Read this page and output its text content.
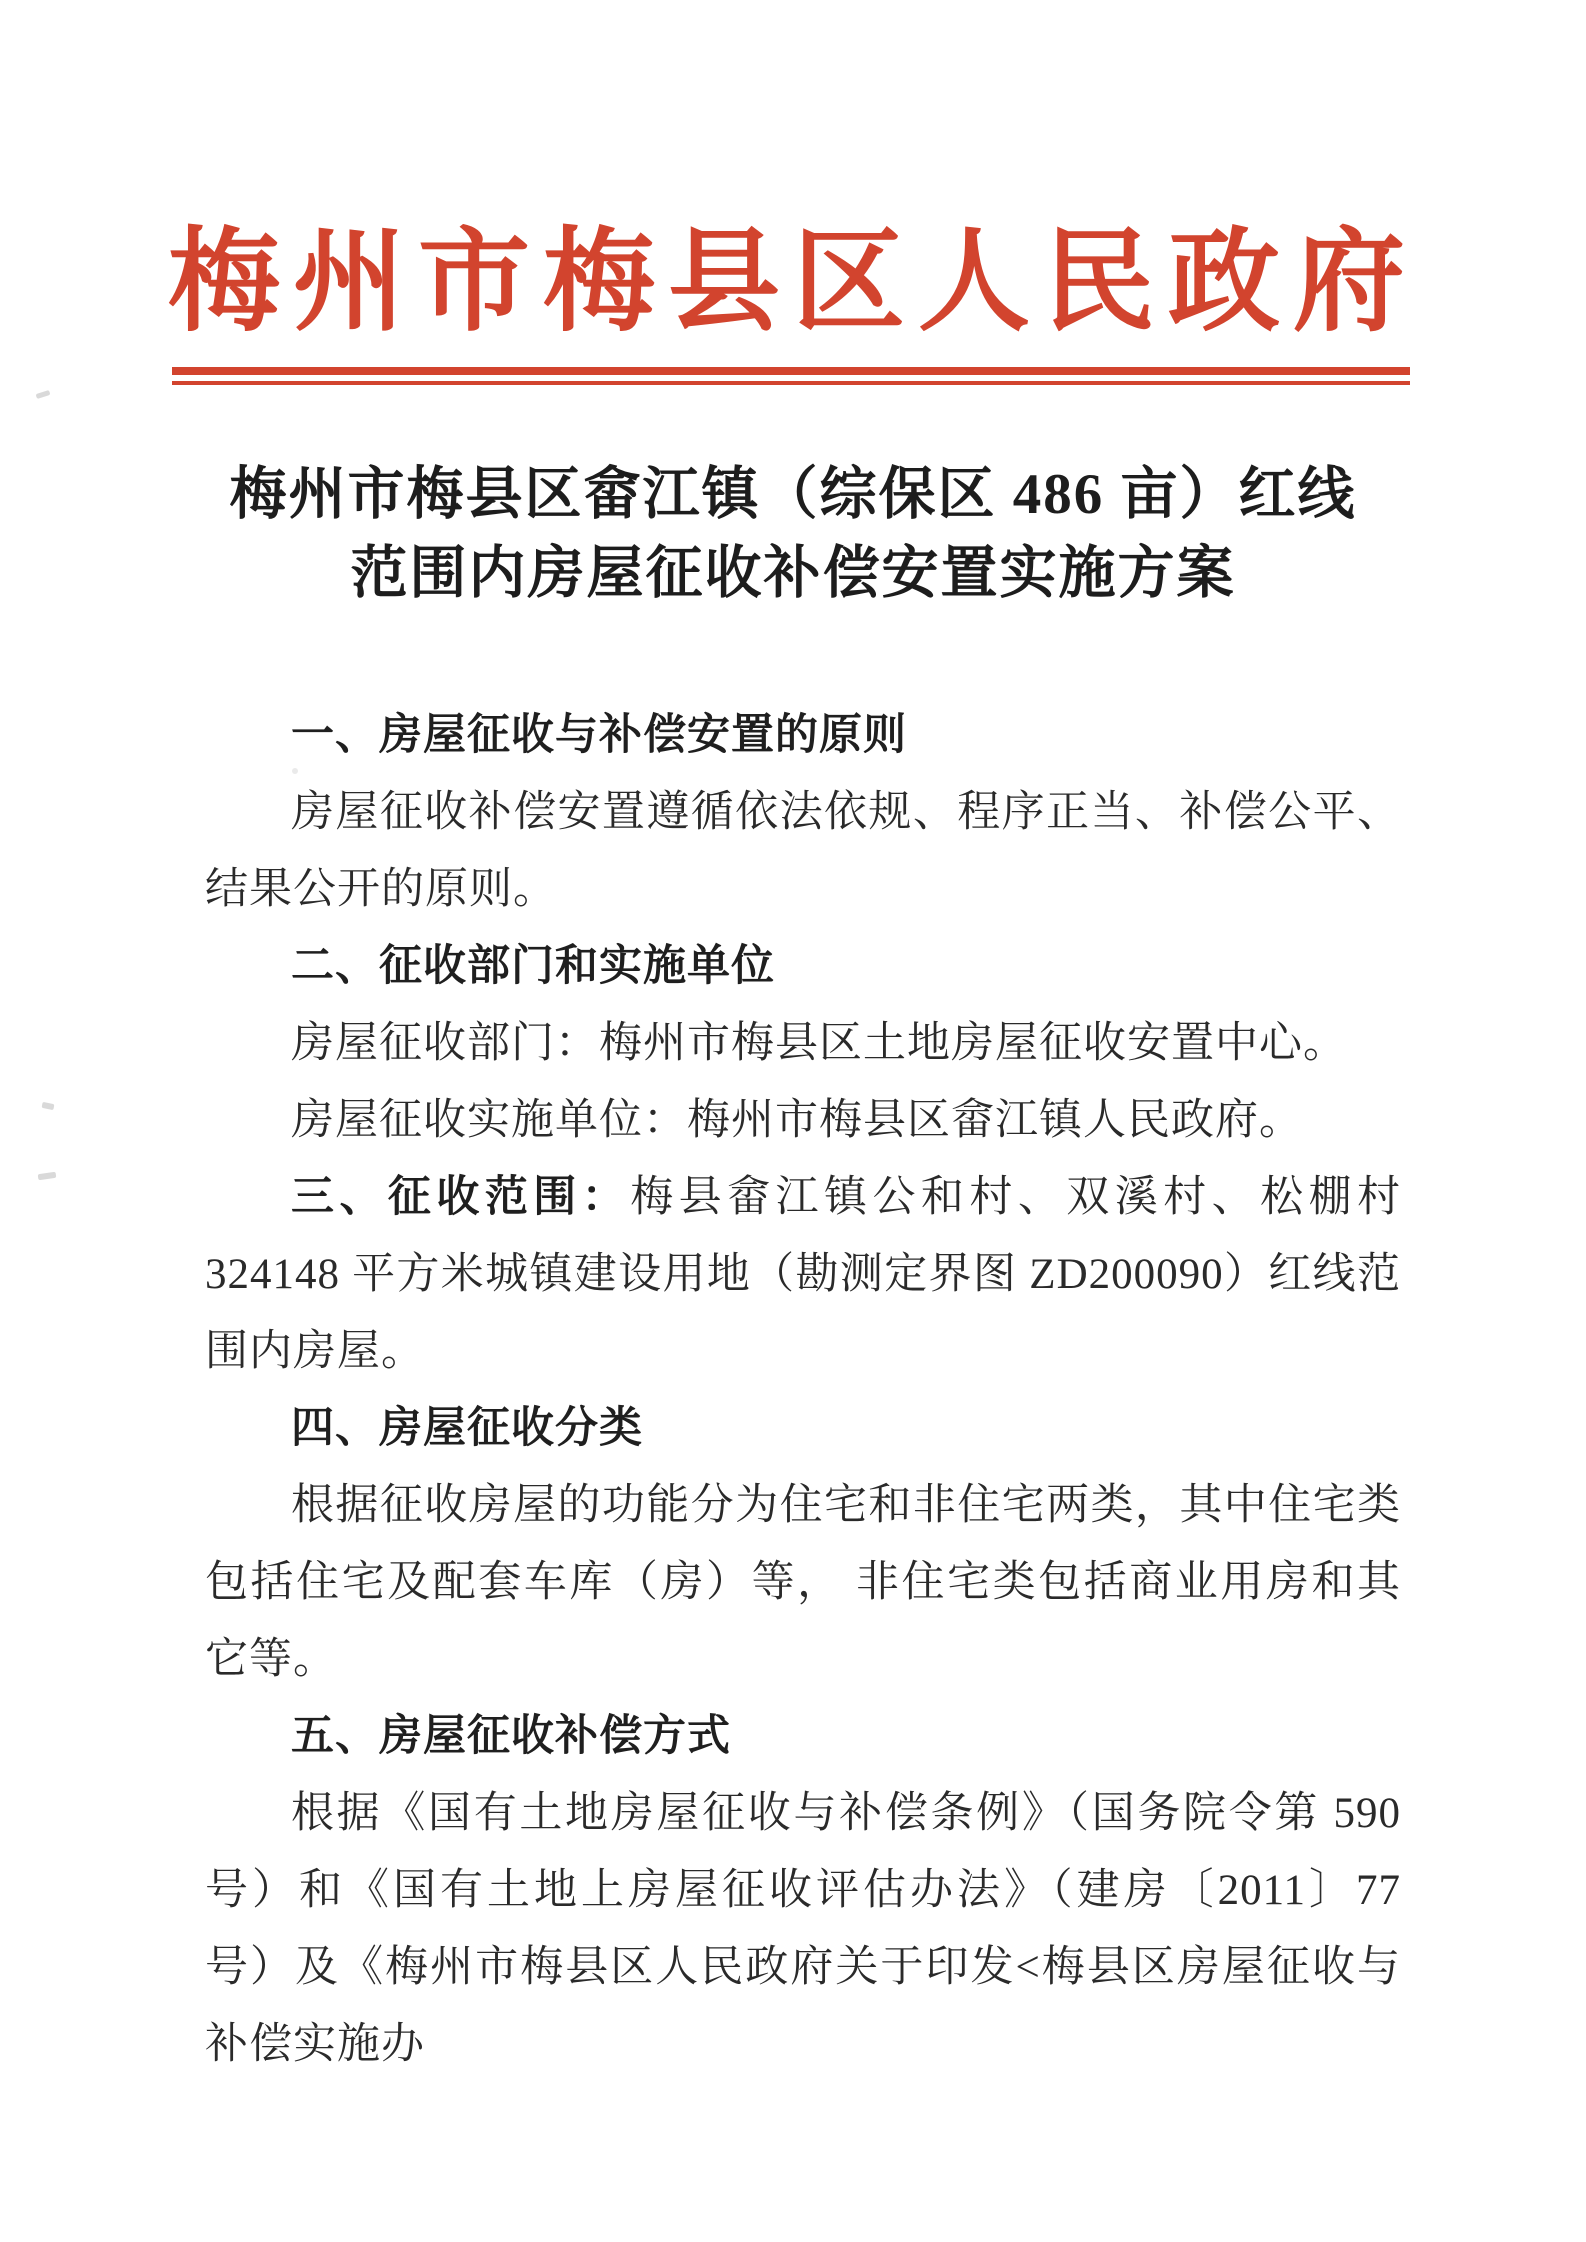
梅州市梅县区人民政府
梅州市梅县区畲江镇（综保区 486 亩）红线
范围内房屋征收补偿安置实施方案

一、房屋征收与补偿安置的原则

房屋征收补偿安置遵循依法依规、程序正当、补偿公平、结果公开的原则。

二、征收部门和实施单位

房屋征收部门：梅州市梅县区土地房屋征收安置中心。

房屋征收实施单位：梅州市梅县区畲江镇人民政府。

三、征收范围：梅县畲江镇公和村、双溪村、松棚村 324148 平方米城镇建设用地（勘测定界图 ZD200090）红线范围内房屋。

四、房屋征收分类

根据征收房屋的功能分为住宅和非住宅两类，其中住宅类包括住宅及配套车库（房）等， 非住宅类包括商业用房和其它等。

五、房屋征收补偿方式

根据《国有土地房屋征收与补偿条例》（国务院令第 590 号）和《国有土地上房屋征收评估办法》（建房〔2011〕77 号）及《梅州市梅县区人民政府关于印发<梅县区房屋征收与补偿实施办
